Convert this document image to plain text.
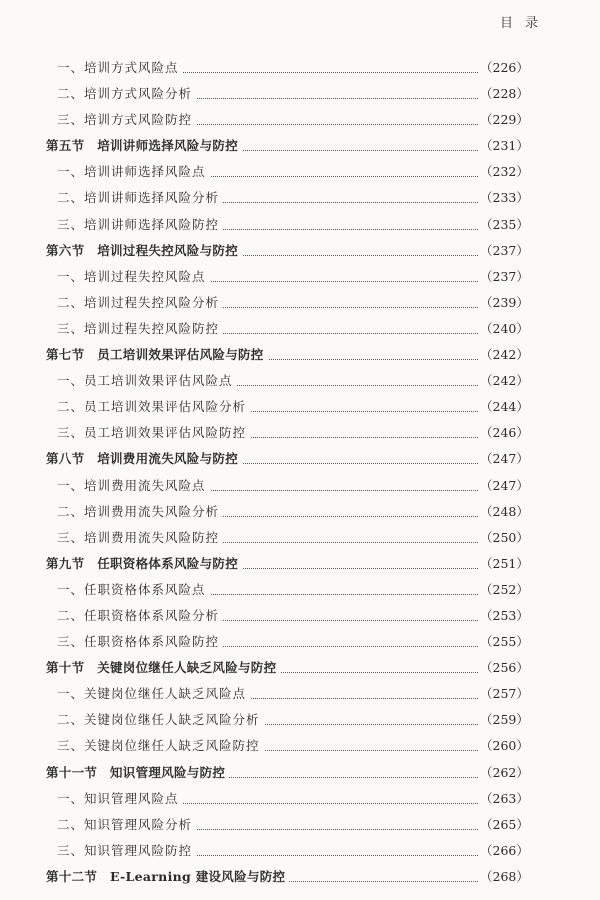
目录
一、培训方式风险点	（226）
二、培训方式风险分析	（228）
三、培训方式风险防控	（229）
第五节　培训讲师选择风险与防控	（231）
一、培训讲师选择风险点	（232）
二、培训讲师选择风险分析	（233）
三、培训讲师选择风险防控	（235）
第六节　培训过程失控风险与防控	（237）
一、培训过程失控风险点	（237）
二、培训过程失控风险分析	（239）
三、培训过程失控风险防控	（240）
第七节　员工培训效果评估风险与防控	（242）
一、员工培训效果评估风险点	（242）
二、员工培训效果评估风险分析	（244）
三、员工培训效果评估风险防控	（246）
第八节　培训费用流失风险与防控	（247）
一、培训费用流失风险点	（247）
二、培训费用流失风险分析	（248）
三、培训费用流失风险防控	（250）
第九节　任职资格体系风险与防控	（251）
一、任职资格体系风险点	（252）
二、任职资格体系风险分析	（253）
三、任职资格体系风险防控	（255）
第十节　关键岗位继任人缺乏风险与防控	（256）
一、关键岗位继任人缺乏风险点	（257）
二、关键岗位继任人缺乏风险分析	（259）
三、关键岗位继任人缺乏风险防控	（260）
第十一节　知识管理风险与防控	（262）
一、知识管理风险点	（263）
二、知识管理风险分析	（265）
三、知识管理风险防控	（266）
第十二节　E-Learning 建设风险与防控	（268）
